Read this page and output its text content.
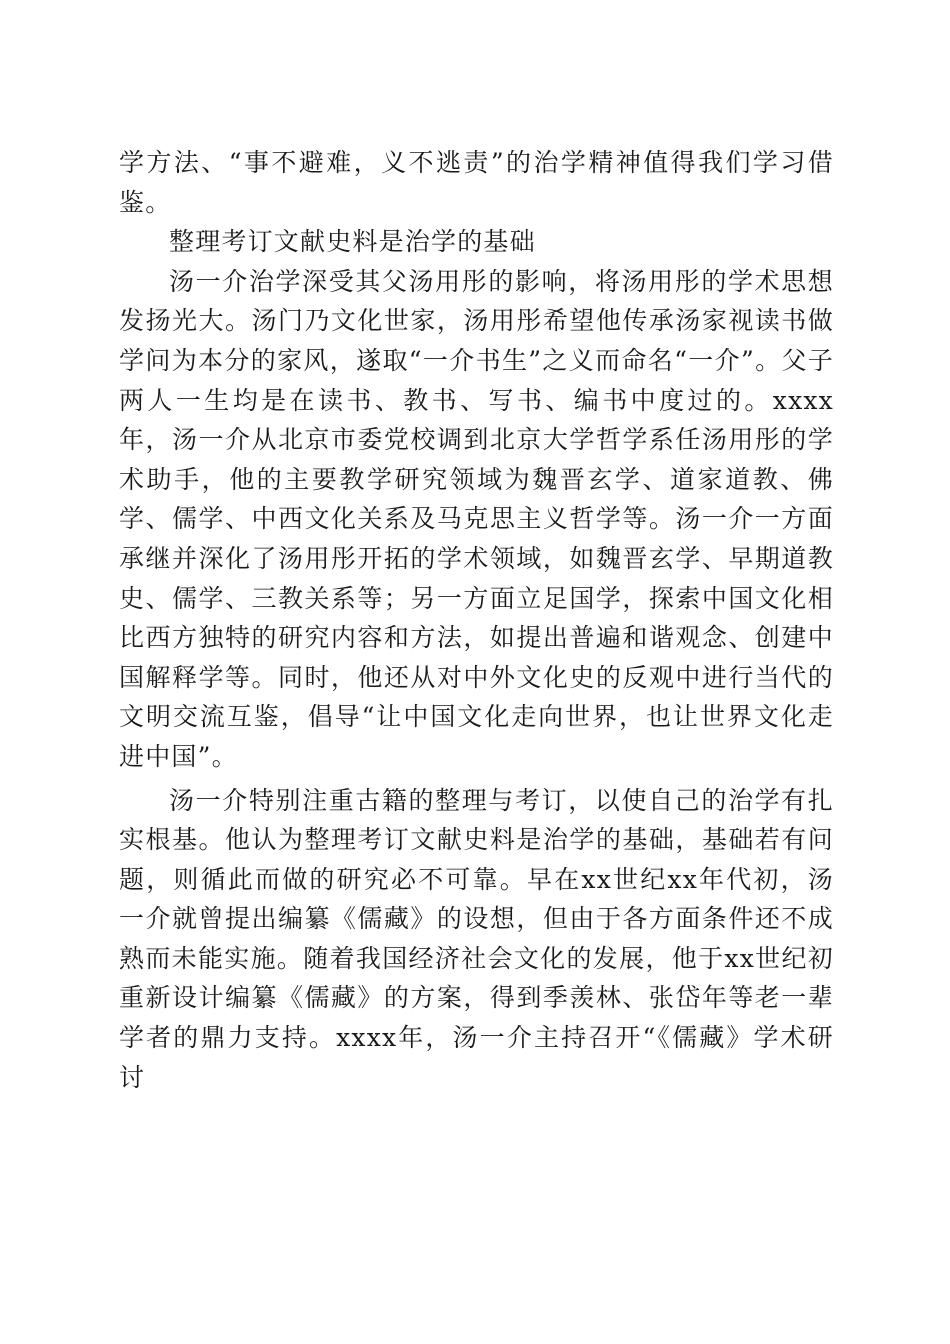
学方法、“事不避难，义不逃责”的治学精神值得我们学习借鉴。

整理考订文献史料是治学的基础

汤一介治学深受其父汤用彤的影响，将汤用彤的学术思想发扬光大。汤门乃文化世家，汤用彤希望他传承汤家视读书做学问为本分的家风，遂取“一介书生”之义而命名“一介”。父子两人一生均是在读书、教书、写书、编书中度过的。xxxx年，汤一介从北京市委党校调到北京大学哲学系任汤用彤的学术助手，他的主要教学研究领域为魏晋玄学、道家道教、佛学、儒学、中西文化关系及马克思主义哲学等。汤一介一方面承继并深化了汤用彤开拓的学术领域，如魏晋玄学、早期道教史、儒学、三教关系等；另一方面立足国学，探索中国文化相比西方独特的研究内容和方法，如提出普遍和谐观念、创建中国解释学等。同时，他还从对中外文化史的反观中进行当代的文明交流互鉴，倡导“让中国文化走向世界，也让世界文化走进中国”。

汤一介特别注重古籍的整理与考订，以使自己的治学有扎实根基。他认为整理考订文献史料是治学的基础，基础若有问题，则循此而做的研究必不可靠。早在xx世纪xx年代初，汤一介就曾提出编纂《儒藏》的设想，但由于各方面条件还不成熟而未能实施。随着我国经济社会文化的发展，他于xx世纪初重新设计编纂《儒藏》的方案，得到季羡林、张岱年等老一辈学者的鼎力支持。xxxx年，汤一介主持召开“《儒藏》学术研讨
